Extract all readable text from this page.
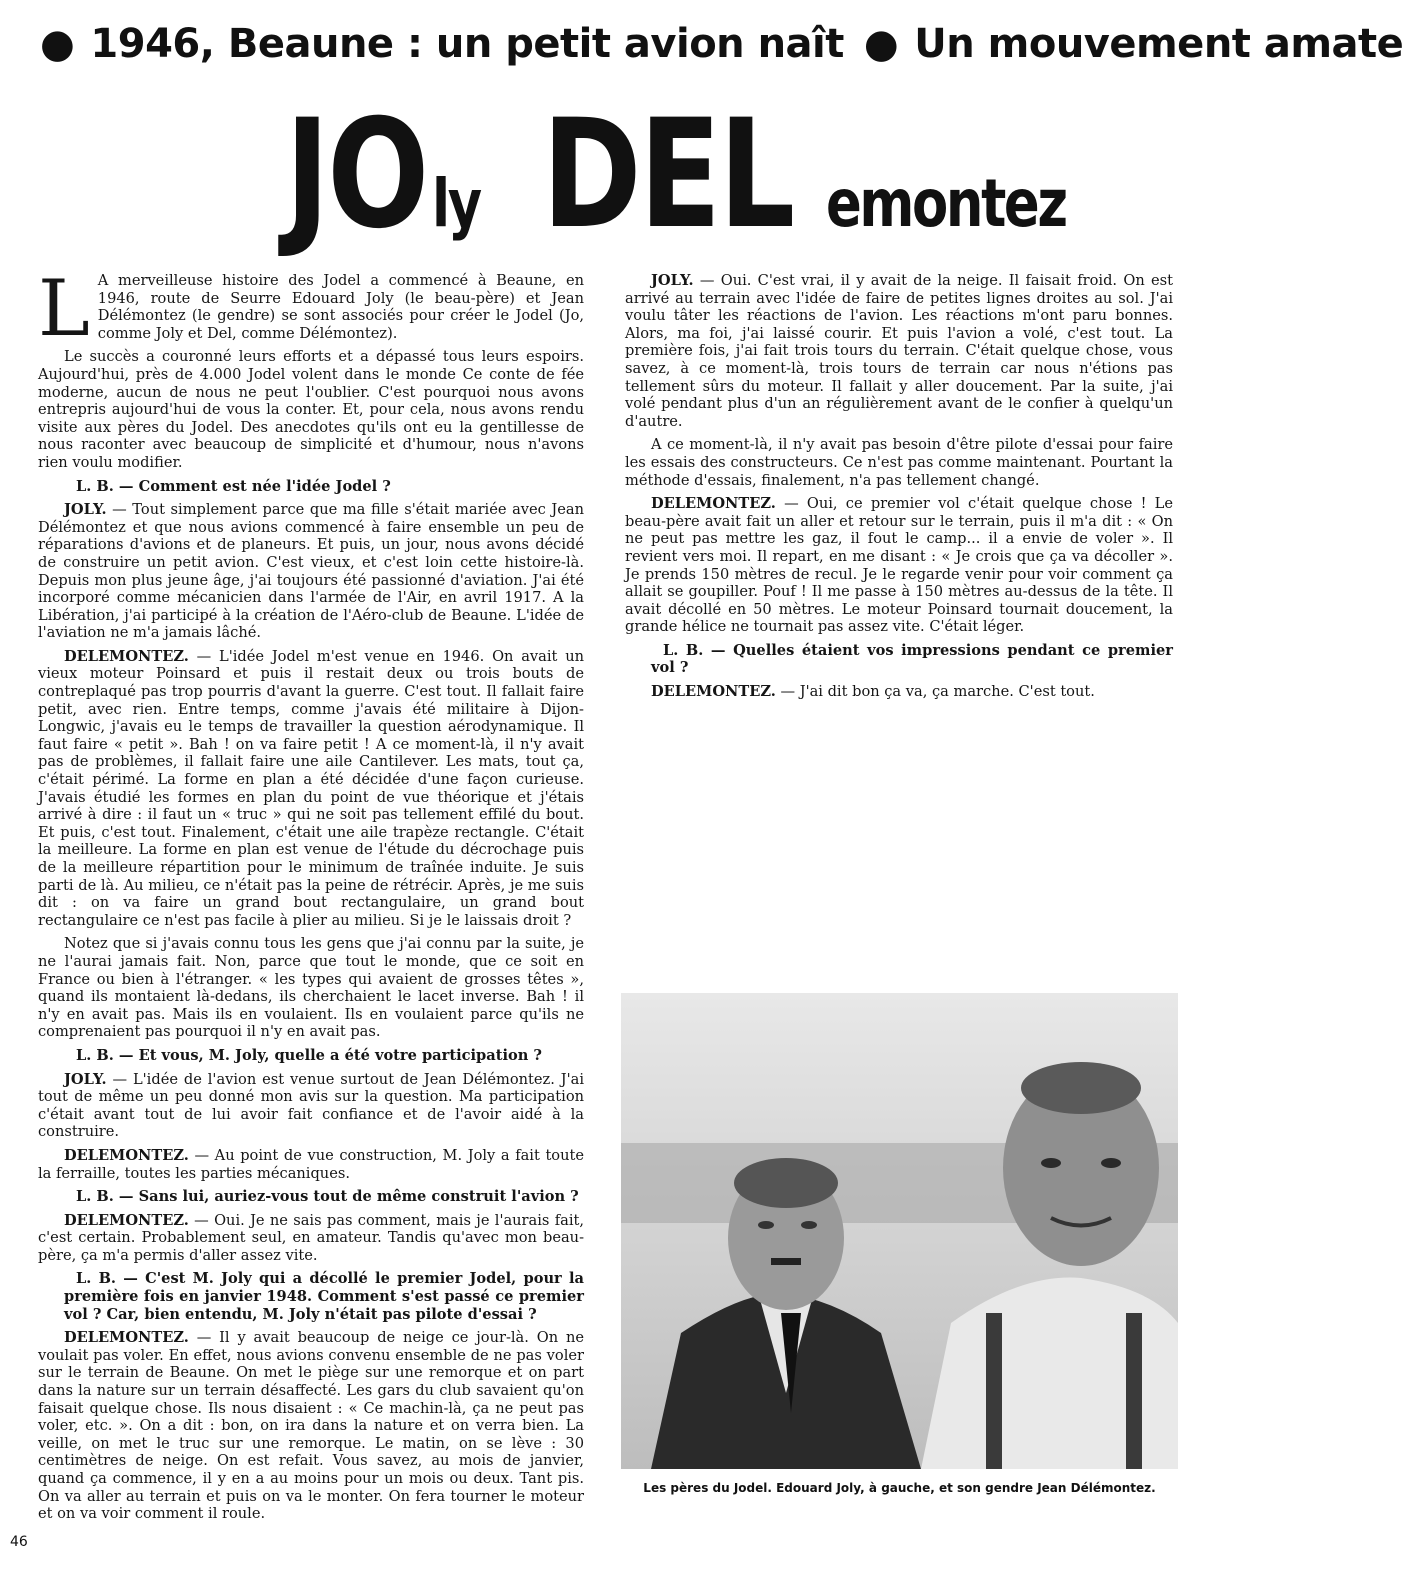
● 1946, Beaune : un petit avion naît ● Un mouvement amate
JOly DEL emontez

L A merveilleuse histoire des Jodel a commencé à Beaune, en 1946, route de Seurre Edouard Joly (le beau-père) et Jean Délémontez (le gendre) se sont associés pour créer le Jodel (Jo, comme Joly et Del, comme Délémontez).

Le succès a couronné leurs efforts et a dépassé tous leurs espoirs. Aujourd'hui, près de 4.000 Jodel volent dans le monde Ce conte de fée moderne, aucun de nous ne peut l'oublier. C'est pourquoi nous avons entrepris aujourd'hui de vous la conter. Et, pour cela, nous avons rendu visite aux pères du Jodel. Des anecdotes qu'ils ont eu la gentillesse de nous raconter avec beaucoup de simplicité et d'humour, nous n'avons rien voulu modifier.

L. B. — Comment est née l'idée Jodel ?

JOLY. — Tout simplement parce que ma fille s'était mariée avec Jean Délémontez et que nous avions commencé à faire ensemble un peu de réparations d'avions et de planeurs. Et puis, un jour, nous avons décidé de construire un petit avion. C'est vieux, et c'est loin cette histoire-là. Depuis mon plus jeune âge, j'ai toujours été passionné d'aviation. J'ai été incorporé comme mécanicien dans l'armée de l'Air, en avril 1917. A la Libération, j'ai participé à la création de l'Aéro-club de Beaune. L'idée de l'aviation ne m'a jamais lâché.

DELEMONTEZ. — L'idée Jodel m'est venue en 1946. On avait un vieux moteur Poinsard et puis il restait deux ou trois bouts de contreplaqué pas trop pourris d'avant la guerre. C'est tout. Il fallait faire petit, avec rien. Entre temps, comme j'avais été militaire à Dijon-Longwic, j'avais eu le temps de travailler la question aérodynamique. Il faut faire « petit ». Bah ! on va faire petit ! A ce moment-là, il n'y avait pas de problèmes, il fallait faire une aile Cantilever. Les mats, tout ça, c'était périmé. La forme en plan a été décidée d'une façon curieuse. J'avais étudié les formes en plan du point de vue théorique et j'étais arrivé à dire : il faut un « truc » qui ne soit pas tellement effilé du bout. Et puis, c'est tout. Finalement, c'était une aile trapèze rectangle. C'était la meilleure. La forme en plan est venue de l'étude du décrochage puis de la meilleure répartition pour le minimum de traînée induite. Je suis parti de là. Au milieu, ce n'était pas la peine de rétrécir. Après, je me suis dit : on va faire un grand bout rectangulaire, un grand bout rectangulaire ce n'est pas facile à plier au milieu. Si je le laissais droit ?

Notez que si j'avais connu tous les gens que j'ai connu par la suite, je ne l'aurai jamais fait. Non, parce que tout le monde, que ce soit en France ou bien à l'étranger. « les types qui avaient de grosses têtes », quand ils montaient là-dedans, ils cherchaient le lacet inverse. Bah ! il n'y en avait pas. Mais ils en voulaient. Ils en voulaient parce qu'ils ne comprenaient pas pourquoi il n'y en avait pas.

L. B. — Et vous, M. Joly, quelle a été votre participation ?

JOLY. — L'idée de l'avion est venue surtout de Jean Délémontez. J'ai tout de même un peu donné mon avis sur la question. Ma participation c'était avant tout de lui avoir fait confiance et de l'avoir aidé à la construire.

DELEMONTEZ. — Au point de vue construction, M. Joly a fait toute la ferraille, toutes les parties mécaniques.

L. B. — Sans lui, auriez-vous tout de même construit l'avion ?

DELEMONTEZ. — Oui. Je ne sais pas comment, mais je l'aurais fait, c'est certain. Probablement seul, en amateur. Tandis qu'avec mon beau-père, ça m'a permis d'aller assez vite.

L. B. — C'est M. Joly qui a décollé le premier Jodel, pour la première fois en janvier 1948. Comment s'est passé ce premier vol ? Car, bien entendu, M. Joly n'était pas pilote d'essai ?

DELEMONTEZ. — Il y avait beaucoup de neige ce jour-là. On ne voulait pas voler. En effet, nous avions convenu ensemble de ne pas voler sur le terrain de Beaune. On met le piège sur une remorque et on part dans la nature sur un terrain désaffecté. Les gars du club savaient qu'on faisait quelque chose. Ils nous disaient : « Ce machin-là, ça ne peut pas voler, etc. ». On a dit : bon, on ira dans la nature et on verra bien. La veille, on met le truc sur une remorque. Le matin, on se lève : 30 centimètres de neige. On est refait. Vous savez, au mois de janvier, quand ça commence, il y en a au moins pour un mois ou deux. Tant pis. On va aller au terrain et puis on va le monter. On fera tourner le moteur et on va voir comment il roule.

JOLY. — Oui. C'est vrai, il y avait de la neige. Il faisait froid. On est arrivé au terrain avec l'idée de faire de petites lignes droites au sol. J'ai voulu tâter les réactions de l'avion. Les réactions m'ont paru bonnes. Alors, ma foi, j'ai laissé courir. Et puis l'avion a volé, c'est tout. La première fois, j'ai fait trois tours du terrain. C'était quelque chose, vous savez, à ce moment-là, trois tours de terrain car nous n'étions pas tellement sûrs du moteur. Il fallait y aller doucement. Par la suite, j'ai volé pendant plus d'un an régulièrement avant de le confier à quelqu'un d'autre.

A ce moment-là, il n'y avait pas besoin d'être pilote d'essai pour faire les essais des constructeurs. Ce n'est pas comme maintenant. Pourtant la méthode d'essais, finalement, n'a pas tellement changé.

DELEMONTEZ. — Oui, ce premier vol c'était quelque chose ! Le beau-père avait fait un aller et retour sur le terrain, puis il m'a dit : « On ne peut pas mettre les gaz, il fout le camp... il a envie de voler ». Il revient vers moi. Il repart, en me disant : « Je crois que ça va décoller ». Je prends 150 mètres de recul. Je le regarde venir pour voir comment ça allait se goupiller. Pouf ! Il me passe à 150 mètres au-dessus de la tête. Il avait décollé en 50 mètres. Le moteur Poinsard tournait doucement, la grande hélice ne tournait pas assez vite. C'était léger.

L. B. — Quelles étaient vos impressions pendant ce premier vol ?

DELEMONTEZ. — J'ai dit bon ça va, ça marche. C'est tout.

Les pères du Jodel. Edouard Joly, à gauche, et son gendre Jean Délémontez.
46
